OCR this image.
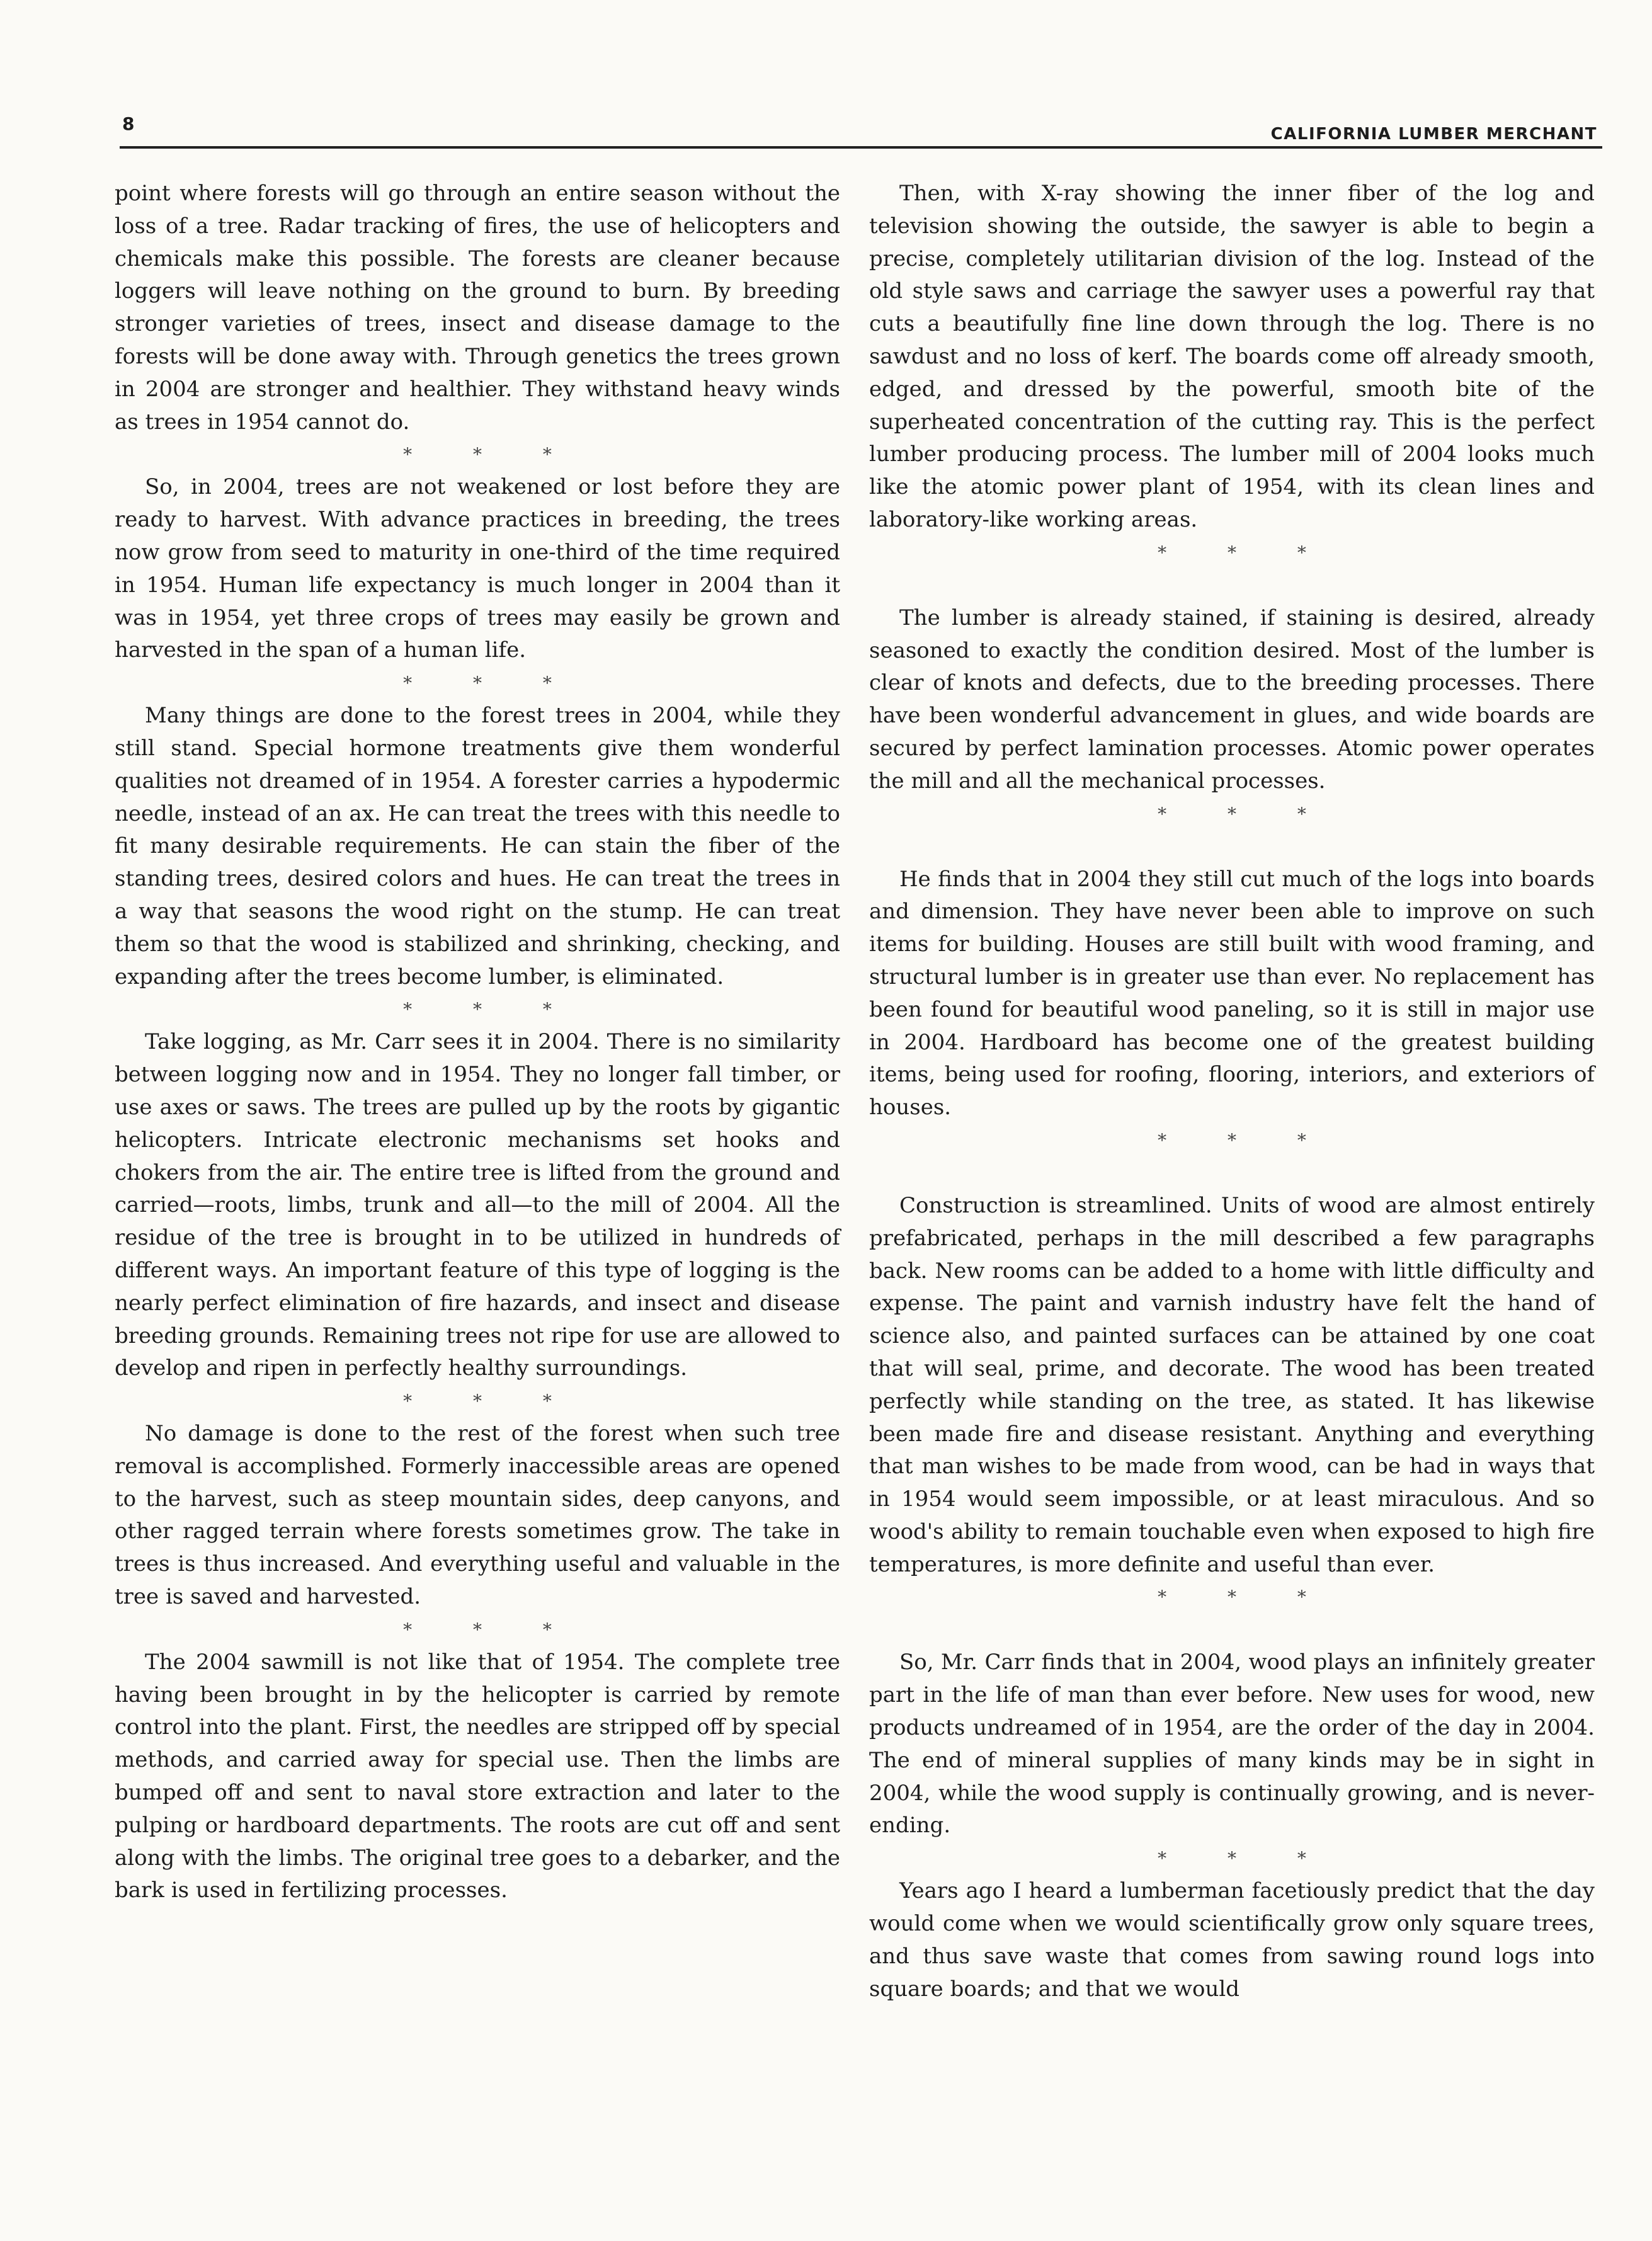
8	CALIFORNIA LUMBER MERCHANT

point where forests will go through an entire season without the loss of a tree. Radar tracking of fires, the use of helicopters and chemicals make this possible. The forests are cleaner because loggers will leave nothing on the ground to burn. By breeding stronger varieties of trees, insect and disease damage to the forests will be done away with. Through genetics the trees grown in 2004 are stronger and healthier. They withstand heavy winds as trees in 1954 cannot do.

* * *

So, in 2004, trees are not weakened or lost before they are ready to harvest. With advance practices in breeding, the trees now grow from seed to maturity in one-third of the time required in 1954. Human life expectancy is much longer in 2004 than it was in 1954, yet three crops of trees may easily be grown and harvested in the span of a human life.

* * *

Many things are done to the forest trees in 2004, while they still stand. Special hormone treatments give them wonderful qualities not dreamed of in 1954. A forester carries a hypodermic needle, instead of an ax. He can treat the trees with this needle to fit many desirable requirements. He can stain the fiber of the standing trees, desired colors and hues. He can treat the trees in a way that seasons the wood right on the stump. He can treat them so that the wood is stabilized and shrinking, checking, and expanding after the trees become lumber, is eliminated.

* * *

Take logging, as Mr. Carr sees it in 2004. There is no similarity between logging now and in 1954. They no longer fall timber, or use axes or saws. The trees are pulled up by the roots by gigantic helicopters. Intricate electronic mechanisms set hooks and chokers from the air. The entire tree is lifted from the ground and carried—roots, limbs, trunk and all—to the mill of 2004. All the residue of the tree is brought in to be utilized in hundreds of different ways. An important feature of this type of logging is the nearly perfect elimination of fire hazards, and insect and disease breeding grounds. Remaining trees not ripe for use are allowed to develop and ripen in perfectly healthy surroundings.

* * *

No damage is done to the rest of the forest when such tree removal is accomplished. Formerly inaccessible areas are opened to the harvest, such as steep mountain sides, deep canyons, and other ragged terrain where forests sometimes grow. The take in trees is thus increased. And everything useful and valuable in the tree is saved and harvested.

* * *

The 2004 sawmill is not like that of 1954. The complete tree having been brought in by the helicopter is carried by remote control into the plant. First, the needles are stripped off by special methods, and carried away for special use. Then the limbs are bumped off and sent to naval store extraction and later to the pulping or hardboard departments. The roots are cut off and sent along with the limbs. The original tree goes to a debarker, and the bark is used in fertilizing processes.

Then, with X-ray showing the inner fiber of the log and television showing the outside, the sawyer is able to begin a precise, completely utilitarian division of the log. Instead of the old style saws and carriage the sawyer uses a powerful ray that cuts a beautifully fine line down through the log. There is no sawdust and no loss of kerf. The boards come off already smooth, edged, and dressed by the powerful, smooth bite of the superheated concentration of the cutting ray. This is the perfect lumber producing process. The lumber mill of 2004 looks much like the atomic power plant of 1954, with its clean lines and laboratory-like working areas.

* * *

The lumber is already stained, if staining is desired, already seasoned to exactly the condition desired. Most of the lumber is clear of knots and defects, due to the breeding processes. There have been wonderful advancement in glues, and wide boards are secured by perfect lamination processes. Atomic power operates the mill and all the mechanical processes.

* * *

He finds that in 2004 they still cut much of the logs into boards and dimension. They have never been able to improve on such items for building. Houses are still built with wood framing, and structural lumber is in greater use than ever. No replacement has been found for beautiful wood paneling, so it is still in major use in 2004. Hardboard has become one of the greatest building items, being used for roofing, flooring, interiors, and exteriors of houses.

* * *

Construction is streamlined. Units of wood are almost entirely prefabricated, perhaps in the mill described a few paragraphs back. New rooms can be added to a home with little difficulty and expense. The paint and varnish industry have felt the hand of science also, and painted surfaces can be attained by one coat that will seal, prime, and decorate. The wood has been treated perfectly while standing on the tree, as stated. It has likewise been made fire and disease resistant. Anything and everything that man wishes to be made from wood, can be had in ways that in 1954 would seem impossible, or at least miraculous. And so wood's ability to remain touchable even when exposed to high fire temperatures, is more definite and useful than ever.

* * *

So, Mr. Carr finds that in 2004, wood plays an infinitely greater part in the life of man than ever before. New uses for wood, new products undreamed of in 1954, are the order of the day in 2004. The end of mineral supplies of many kinds may be in sight in 2004, while the wood supply is continually growing, and is never-ending.

* * *

Years ago I heard a lumberman facetiously predict that the day would come when we would scientifically grow only square trees, and thus save waste that comes from sawing round logs into square boards; and that we would
